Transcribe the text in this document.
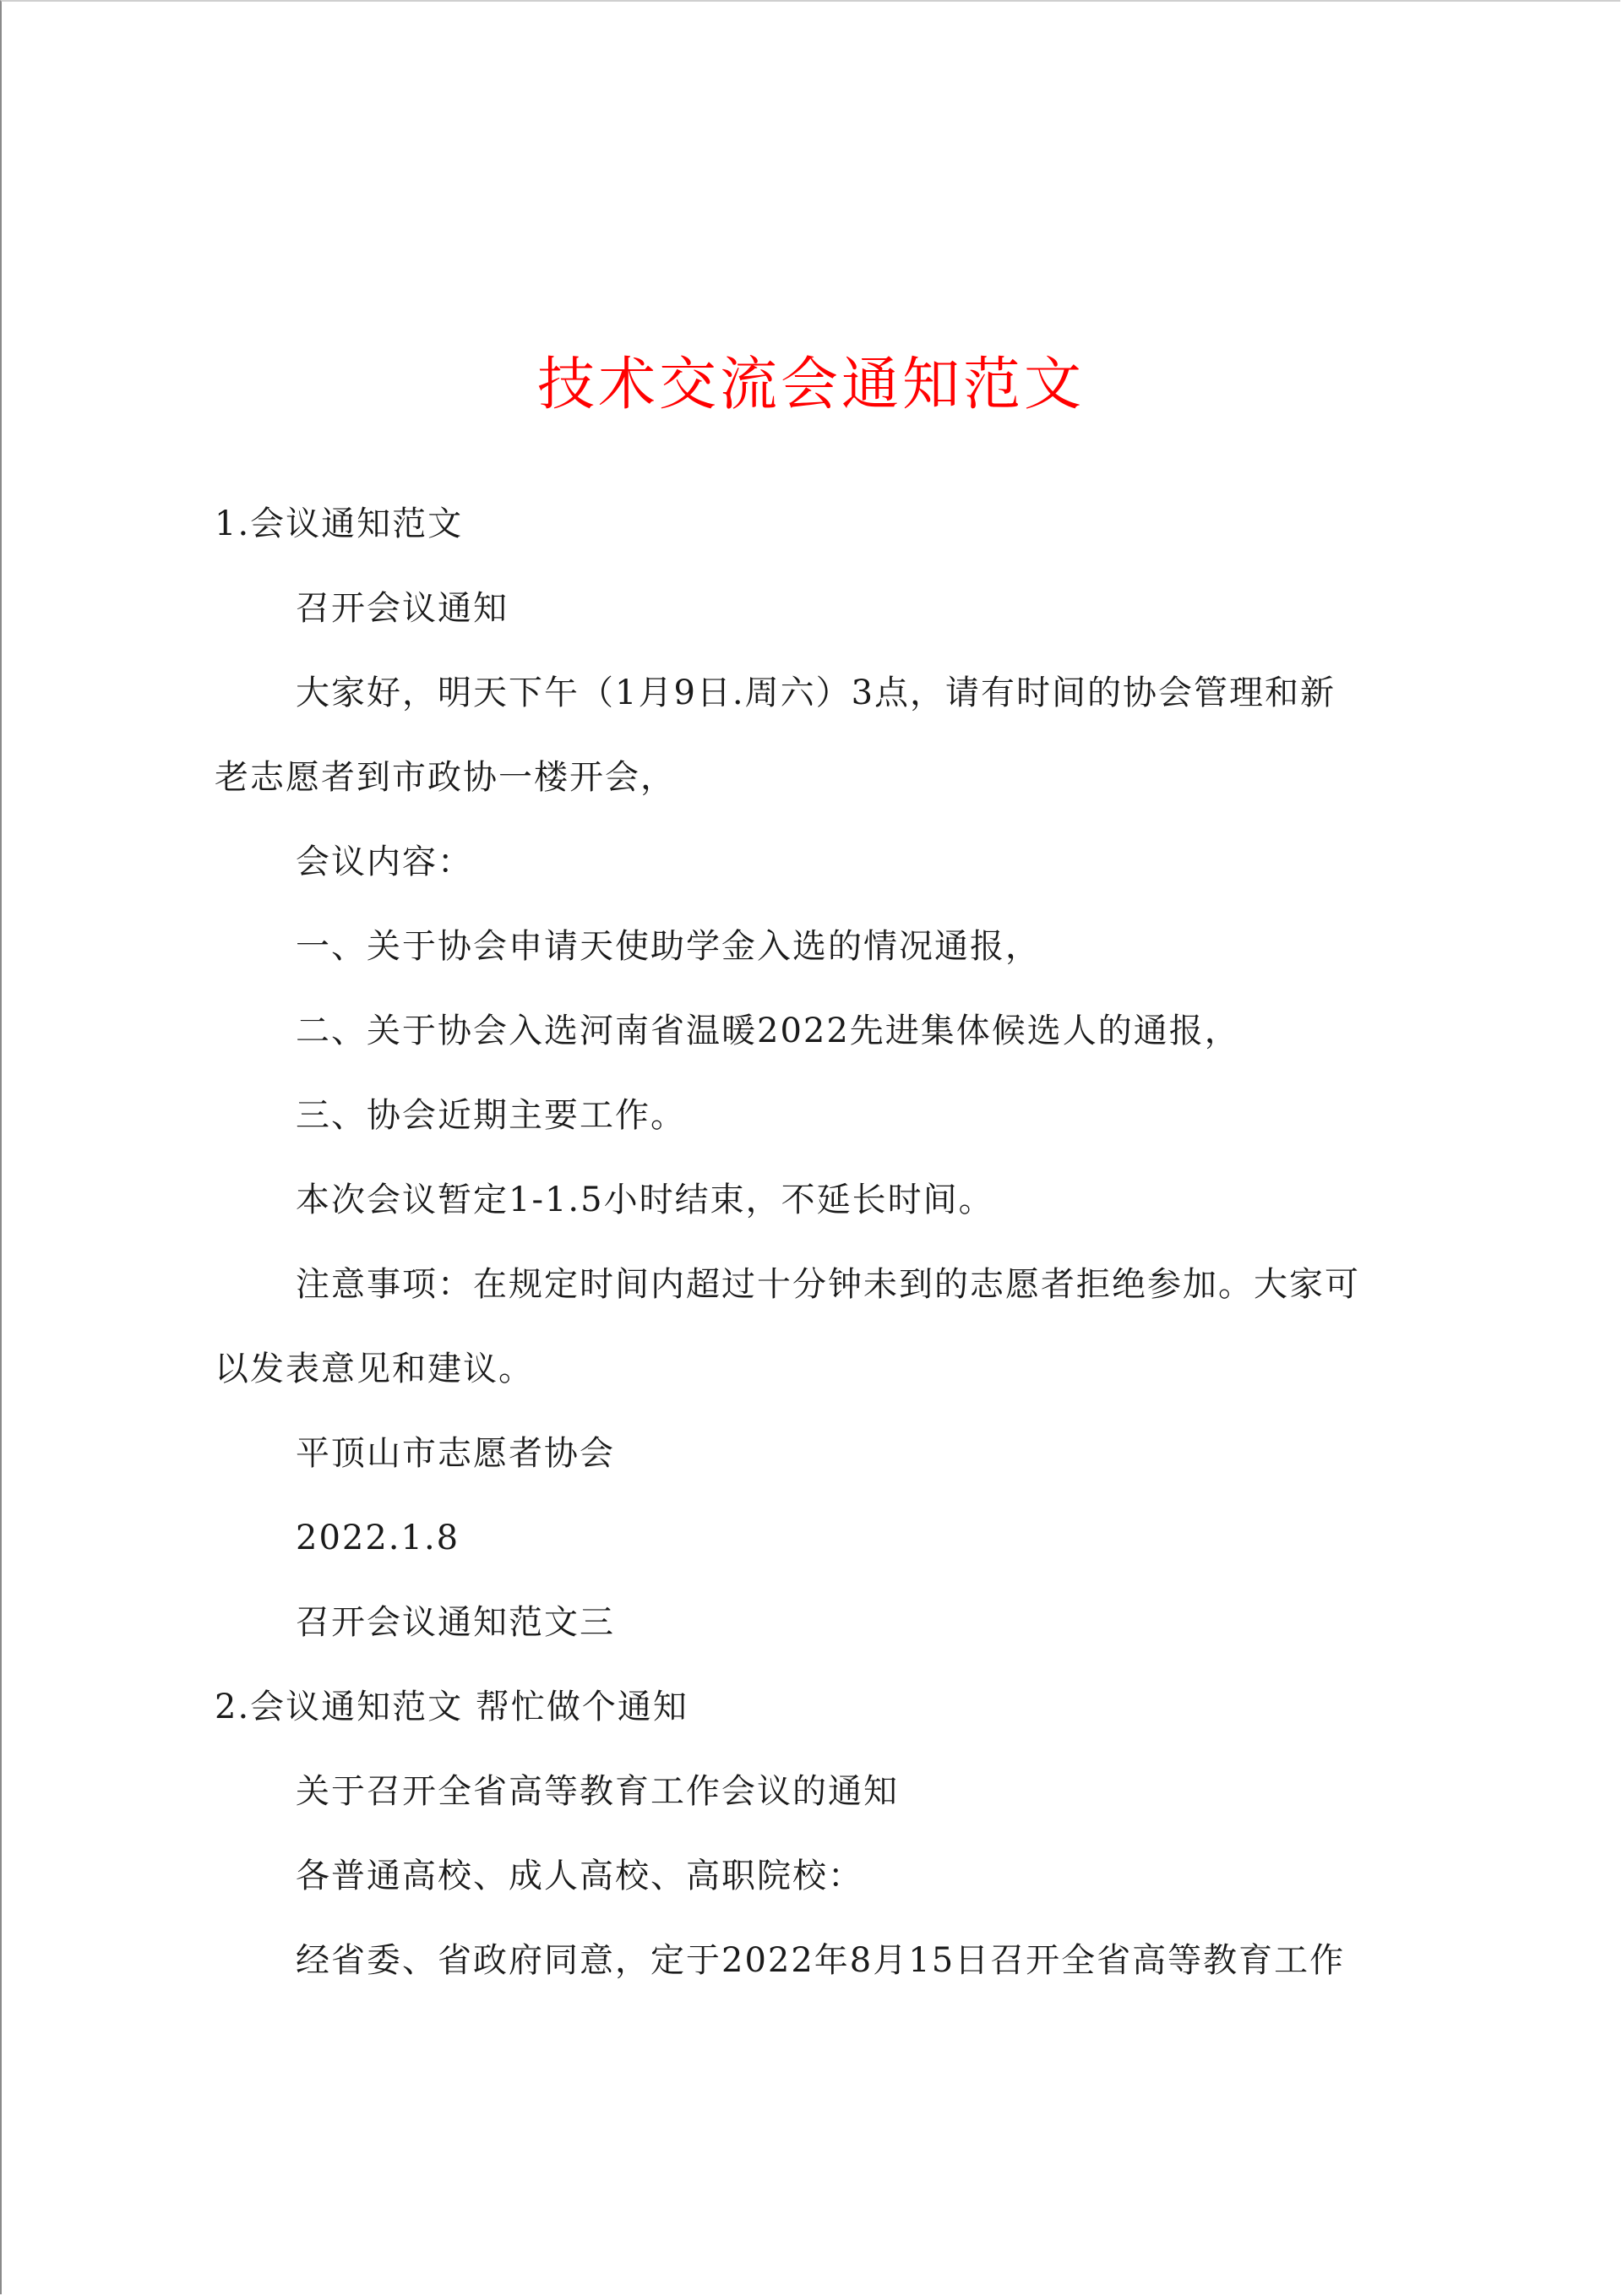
技术交流会通知范文
1.会议通知范文
召开会议通知
大家好，明天下午（1月9日.周六）3点，请有时间的协会管理和新
老志愿者到市政协一楼开会，
会议内容：
一、关于协会申请天使助学金入选的情况通报，
二、关于协会入选河南省温暖2022先进集体候选人的通报，
三、协会近期主要工作。
本次会议暂定1-1.5小时结束，不延长时间。
注意事项：在规定时间内超过十分钟未到的志愿者拒绝参加。大家可
以发表意见和建议。
平顶山市志愿者协会
2022.1.8
召开会议通知范文三
2.会议通知范文 帮忙做个通知
关于召开全省高等教育工作会议的通知
各普通高校、成人高校、高职院校：
经省委、省政府同意，定于2022年8月15日召开全省高等教育工作
